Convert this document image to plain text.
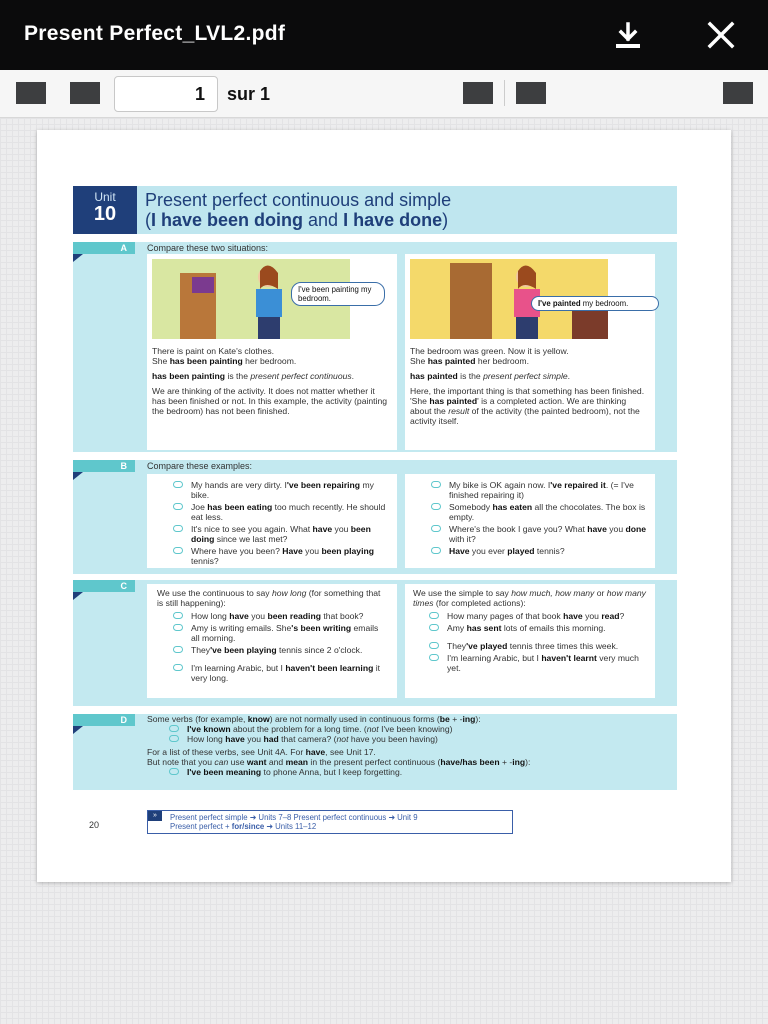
Present Perfect_LVL2.pdf
1	sur 1
Unit
10
Present perfect continuous and simple
(I have been doing and I have done)
A	Compare these two situations:
I've been painting my bedroom.
There is paint on Kate's clothes.
She has been painting her bedroom.
has been painting is the present perfect continuous.
We are thinking of the activity. It does not matter whether it has been finished or not. In this example, the activity (painting the bedroom) has not been finished.
I've painted my bedroom.
The bedroom was green. Now it is yellow.
She has painted her bedroom.
has painted is the present perfect simple.
Here, the important thing is that something has been finished. 'She has painted' is a completed action. We are thinking about the result of the activity (the painted bedroom), not the activity itself.
B	Compare these examples:
My hands are very dirty. I've been repairing my bike.
Joe has been eating too much recently. He should eat less.
It's nice to see you again. What have you been doing since we last met?
Where have you been? Have you been playing tennis?
My bike is OK again now. I've repaired it. (= I've finished repairing it)
Somebody has eaten all the chocolates. The box is empty.
Where's the book I gave you? What have you done with it?
Have you ever played tennis?
C
We use the continuous to say how long (for something that is still happening):
How long have you been reading that book?
Amy is writing emails. She's been writing emails all morning.
They've been playing tennis since 2 o'clock.
I'm learning Arabic, but I haven't been learning it very long.
We use the simple to say how much, how many or how many times (for completed actions):
How many pages of that book have you read?
Amy has sent lots of emails this morning.
They've played tennis three times this week.
I'm learning Arabic, but I haven't learnt very much yet.
D	Some verbs (for example, know) are not normally used in continuous forms (be + -ing):
I've known about the problem for a long time. (not I've been knowing)
How long have you had that camera? (not have you been having)
For a list of these verbs, see Unit 4A. For have, see Unit 17.
But note that you can use want and mean in the present perfect continuous (have/has been + -ing):
I've been meaning to phone Anna, but I keep forgetting.
20
»	Present perfect simple ➜ Units 7–8 Present perfect continuous ➜ Unit 9
Present perfect + for/since ➜ Units 11–12
